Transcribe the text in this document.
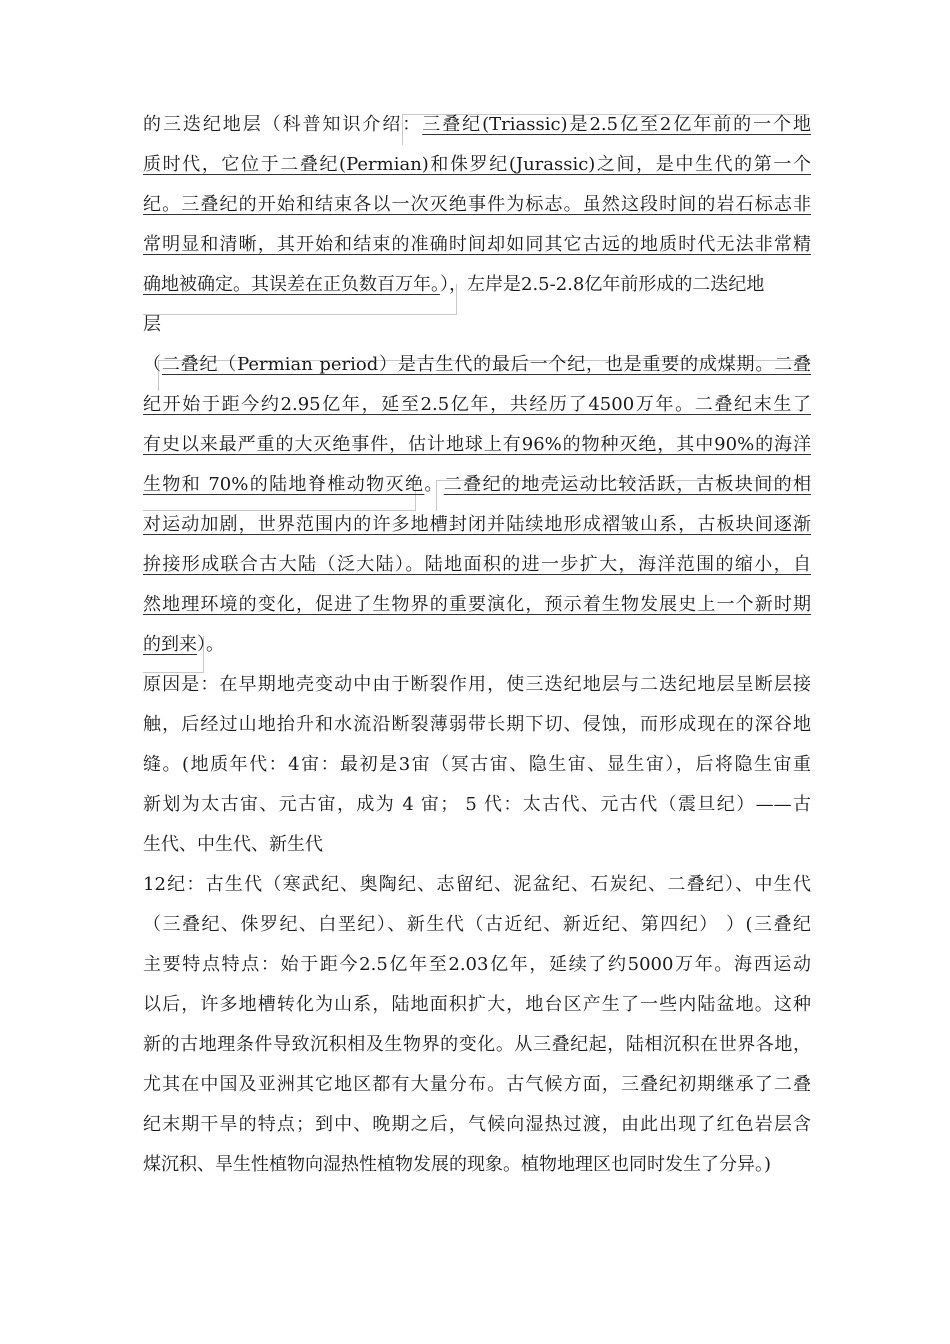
的三迭纪地层（科普知识介绍：三叠纪(Triassic)是2.5亿至2亿年前的一个地
质时代，它位于二叠纪(Permian)和侏罗纪(Jurassic)之间，是中生代的第一个
纪。三叠纪的开始和结束各以一次灭绝事件为标志。虽然这段时间的岩石标志非
常明显和清晰，其开始和结束的准确时间却如同其它古远的地质时代无法非常精
确地被确定。其误差在正负数百万年。），左岸是2.5-2.8亿年前形成的二迭纪地
层
（二叠纪（Permian period）是古生代的最后一个纪，也是重要的成煤期。二叠
纪开始于距今约2.95亿年，延至2.5亿年，共经历了4500万年。二叠纪末生了
有史以来最严重的大灭绝事件，估计地球上有96%的物种灭绝，其中90%的海洋
生物和 70%的陆地脊椎动物灭绝。二叠纪的地壳运动比较活跃，古板块间的相
对运动加剧，世界范围内的许多地槽封闭并陆续地形成褶皱山系，古板块间逐渐
拚接形成联合古大陆（泛大陆）。陆地面积的进一步扩大，海洋范围的缩小，自
然地理环境的变化，促进了生物界的重要演化，预示着生物发展史上一个新时期
的到来）。
原因是：在早期地壳变动中由于断裂作用，使三迭纪地层与二迭纪地层呈断层接
触，后经过山地抬升和水流沿断裂薄弱带长期下切、侵蚀，而形成现在的深谷地
缝。(地质年代：4宙：最初是3宙（冥古宙、隐生宙、显生宙），后将隐生宙重
新划为太古宙、元古宙，成为 4 宙； 5 代：太古代、元古代（震旦纪）——古
生代、中生代、新生代
12纪：古生代（寒武纪、奥陶纪、志留纪、泥盆纪、石炭纪、二叠纪）、中生代
（三叠纪、侏罗纪、白垩纪）、新生代（古近纪、新近纪、第四纪） ）(三叠纪
主要特点特点：始于距今2.5亿年至2.03亿年，延续了约5000万年。海西运动
以后，许多地槽转化为山系，陆地面积扩大，地台区产生了一些内陆盆地。这种
新的古地理条件导致沉积相及生物界的变化。从三叠纪起，陆相沉积在世界各地，
尤其在中国及亚洲其它地区都有大量分布。古气候方面，三叠纪初期继承了二叠
纪末期干旱的特点；到中、晚期之后，气候向湿热过渡，由此出现了红色岩层含
煤沉积、旱生性植物向湿热性植物发展的现象。植物地理区也同时发生了分异。)
